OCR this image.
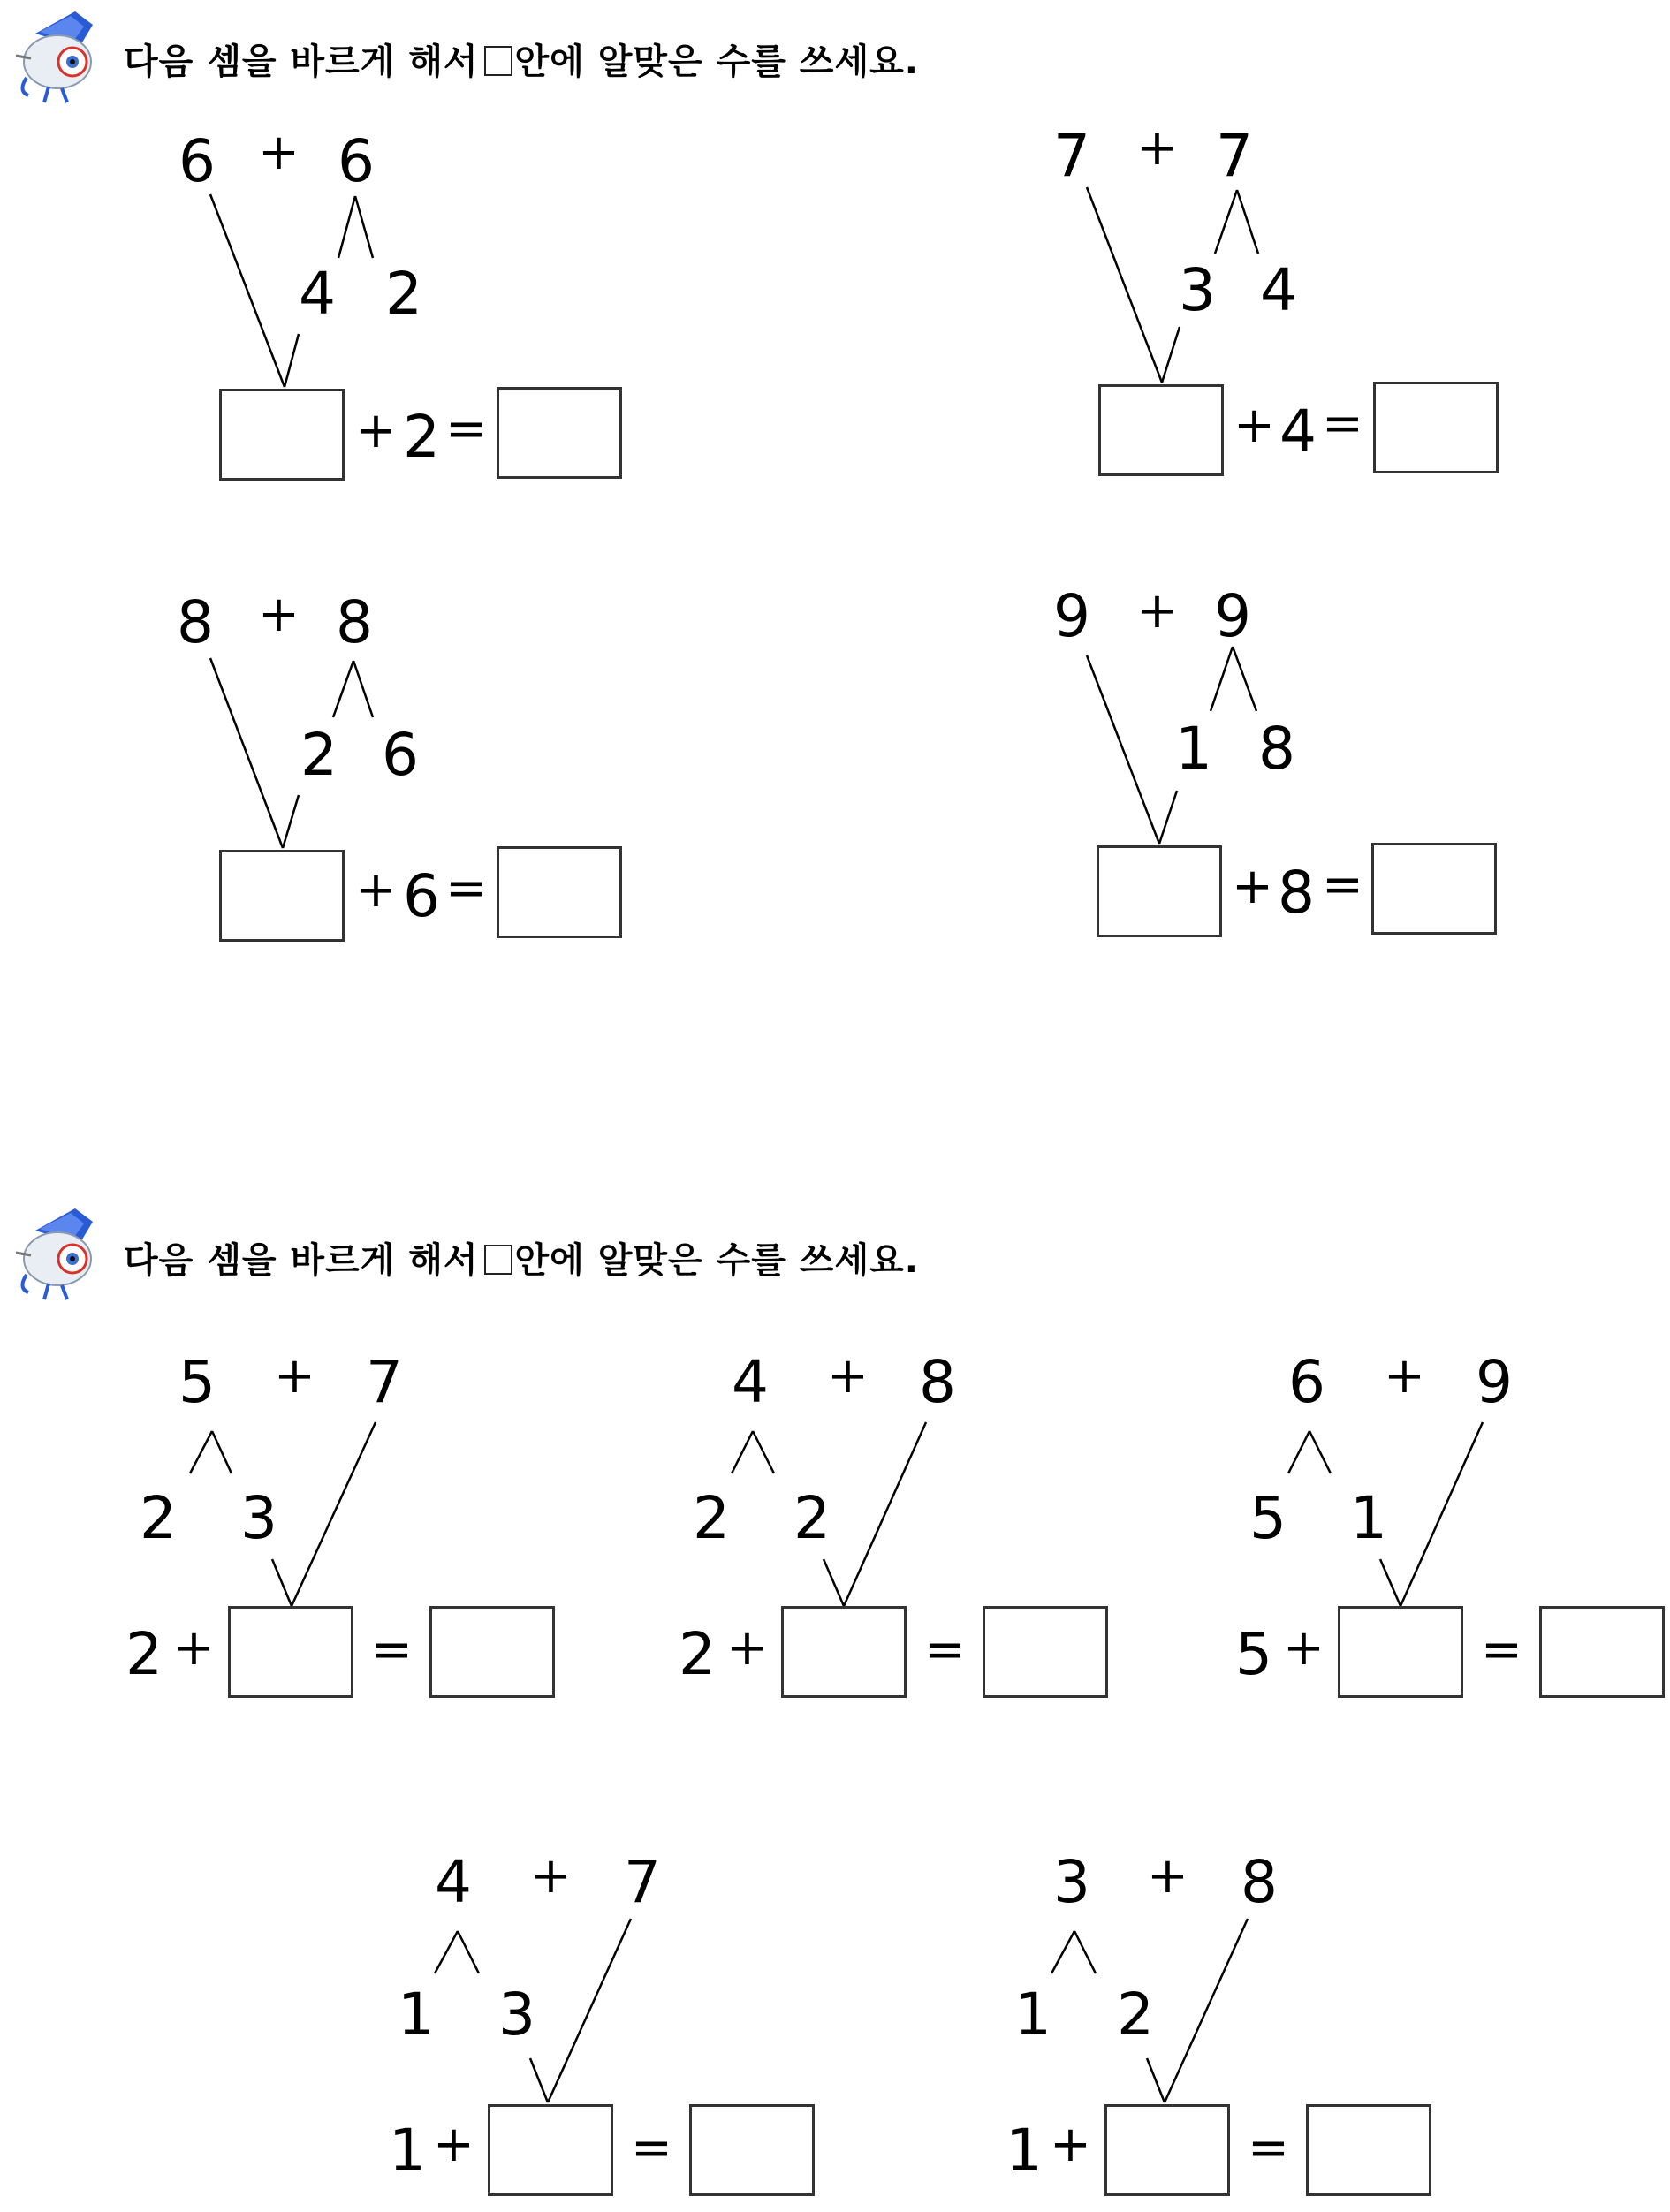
다음 셈을 바르게 해서 안에 알맞은 수를 쓰세요.
6 + 6
4 2
+ 2 =
7 + 7
3 4
+ 4 =
8 + 8
2 6
+ 6 =
9 + 9
1 8
+ 8 =
다음 셈을 바르게 해서 안에 알맞은 수를 쓰세요.
5 + 7
2 3
2 +	=
4 + 8
2 2
2 +	=
6 + 9
5 1
5 +	=
4 + 7
1 3
1 +	=
3 + 8
1 2
1 +	=
